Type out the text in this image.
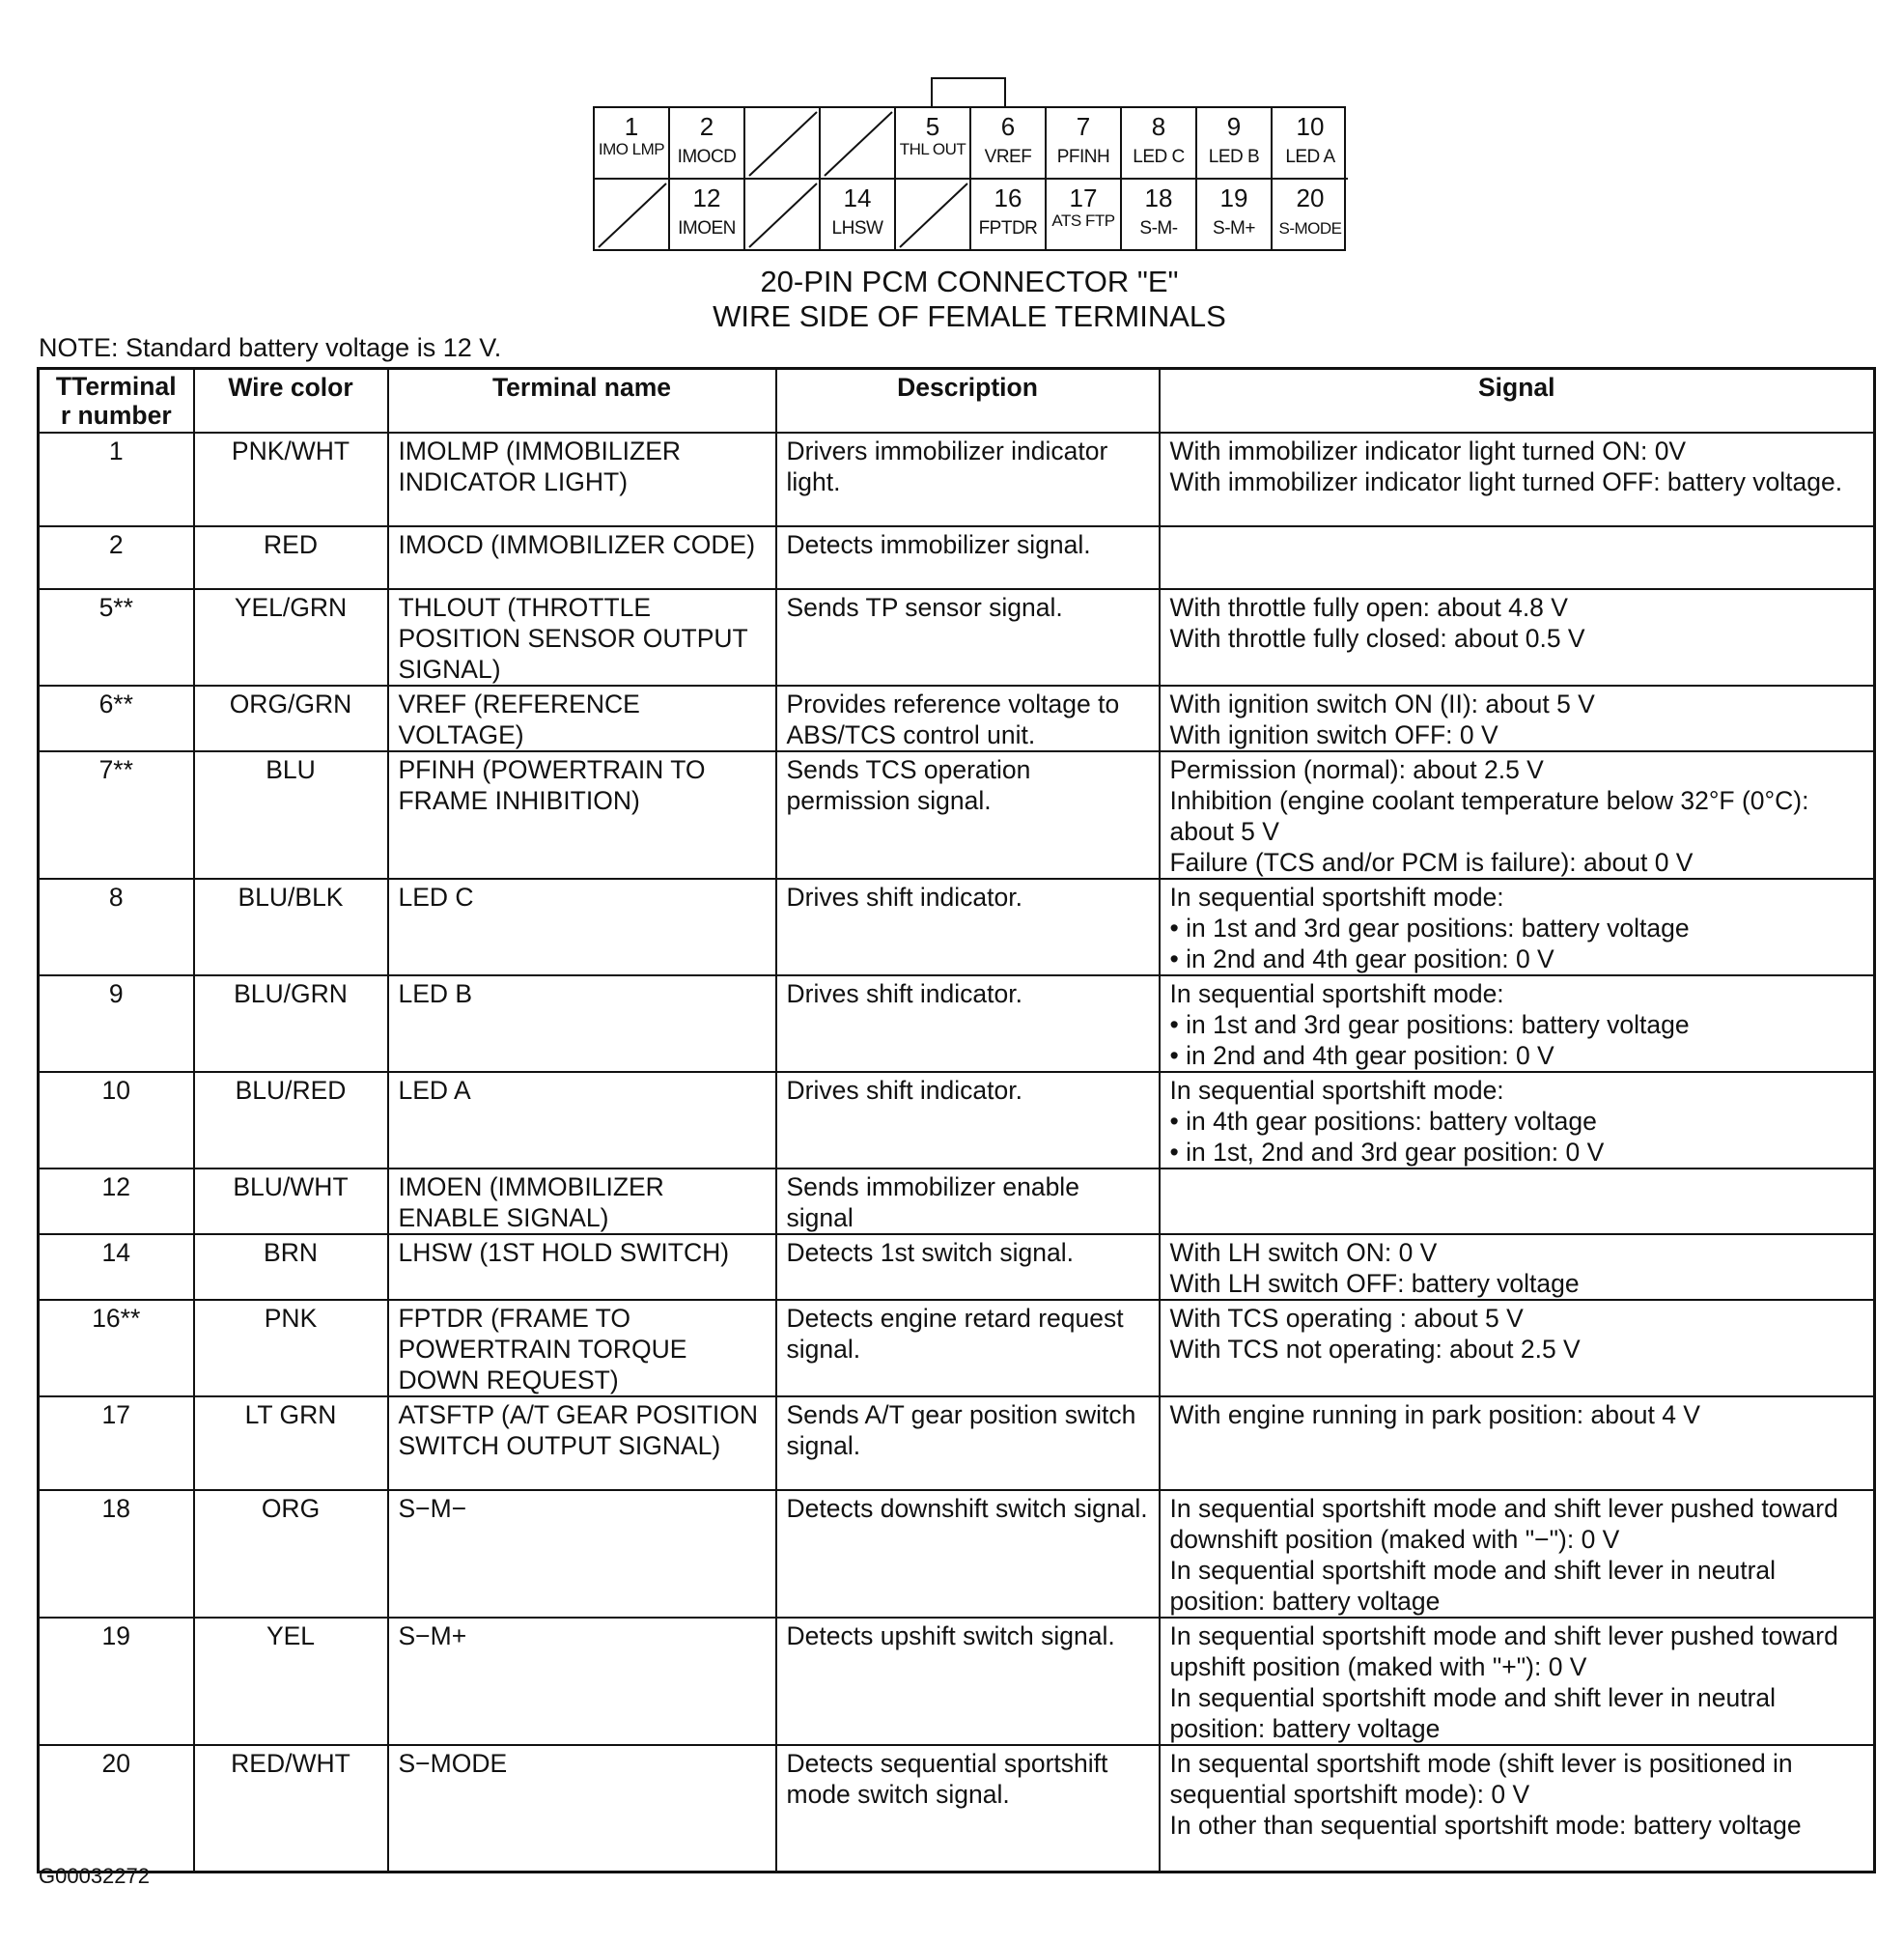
1
IMO LMP
2
IMOCD
5
THL OUT
6
VREF
7
PFINH
8
LED C
9
LED B
10
LED A
12
IMOEN
14
LHSW
16
FPTDR
17
ATS FTP
18
S-M-
19
S-M+
20
S-MODE
20-PIN PCM CONNECTOR "E"
WIRE SIDE OF FEMALE TERMINALS
NOTE: Standard battery voltage is 12 V.
TTerminal r number	Wire color	Terminal name	Description	Signal
1	PNK/WHT	IMOLMP (IMMOBILIZER INDICATOR LIGHT)	Drivers immobilizer indicator light.	With immobilizer indicator light turned ON: 0V
With immobilizer indicator light turned OFF: battery voltage.

2	RED	IMOCD (IMMOBILIZER CODE)	Detects immobilizer signal.	
5**	YEL/GRN	THLOUT (THROTTLE POSITION SENSOR OUTPUT SIGNAL)	Sends TP sensor signal.	With throttle fully open: about 4.8 V
With throttle fully closed: about 0.5 V

6**	ORG/GRN	VREF (REFERENCE VOLTAGE)	Provides reference voltage to ABS/TCS control unit.	With ignition switch ON (II): about 5 V
With ignition switch OFF: 0 V

7**	BLU	PFINH (POWERTRAIN TO FRAME INHIBITION)	Sends TCS operation permission signal.	Permission (normal): about 2.5 V
Inhibition (engine coolant temperature below 32°F (0°C): about 5 V
Failure (TCS and/or PCM is failure): about 0 V

8	BLU/BLK	LED C	Drives shift indicator.	In sequential sportshift mode:
• in 1st and 3rd gear positions: battery voltage
• in 2nd and 4th gear position: 0 V

9	BLU/GRN	LED B	Drives shift indicator.	In sequential sportshift mode:
• in 1st and 3rd gear positions: battery voltage
• in 2nd and 4th gear position: 0 V

10	BLU/RED	LED A	Drives shift indicator.	In sequential sportshift mode:
• in 4th gear positions: battery voltage
• in 1st, 2nd and 3rd gear position: 0 V

12	BLU/WHT	IMOEN (IMMOBILIZER ENABLE SIGNAL)	Sends immobilizer enable signal	
14	BRN	LHSW (1ST HOLD SWITCH)	Detects 1st switch signal.	With LH switch ON: 0 V
With LH switch OFF: battery voltage

16**	PNK	FPTDR (FRAME TO POWERTRAIN TORQUE DOWN REQUEST)	Detects engine retard request signal.	With TCS operating : about 5 V
With TCS not operating: about 2.5 V

17	LT GRN	ATSFTP (A/T GEAR POSITION SWITCH OUTPUT SIGNAL)	Sends A/T gear position switch signal.	With engine running in park position: about 4 V

18	ORG	S−M−	Detects downshift switch signal.	In sequential sportshift mode and shift lever pushed toward downshift position (maked with "−"): 0 V
In sequential sportshift mode and shift lever in neutral position: battery voltage

19	YEL	S−M+	Detects upshift switch signal.	In sequential sportshift mode and shift lever pushed toward upshift position (maked with "+"): 0 V
In sequential sportshift mode and shift lever in neutral position: battery voltage

20	RED/WHT	S−MODE	Detects sequential sportshift mode switch signal.	In sequental sportshift mode (shift lever is positioned in sequential sportshift mode): 0 V
In other than sequential sportshift mode: battery voltage
G00032272
